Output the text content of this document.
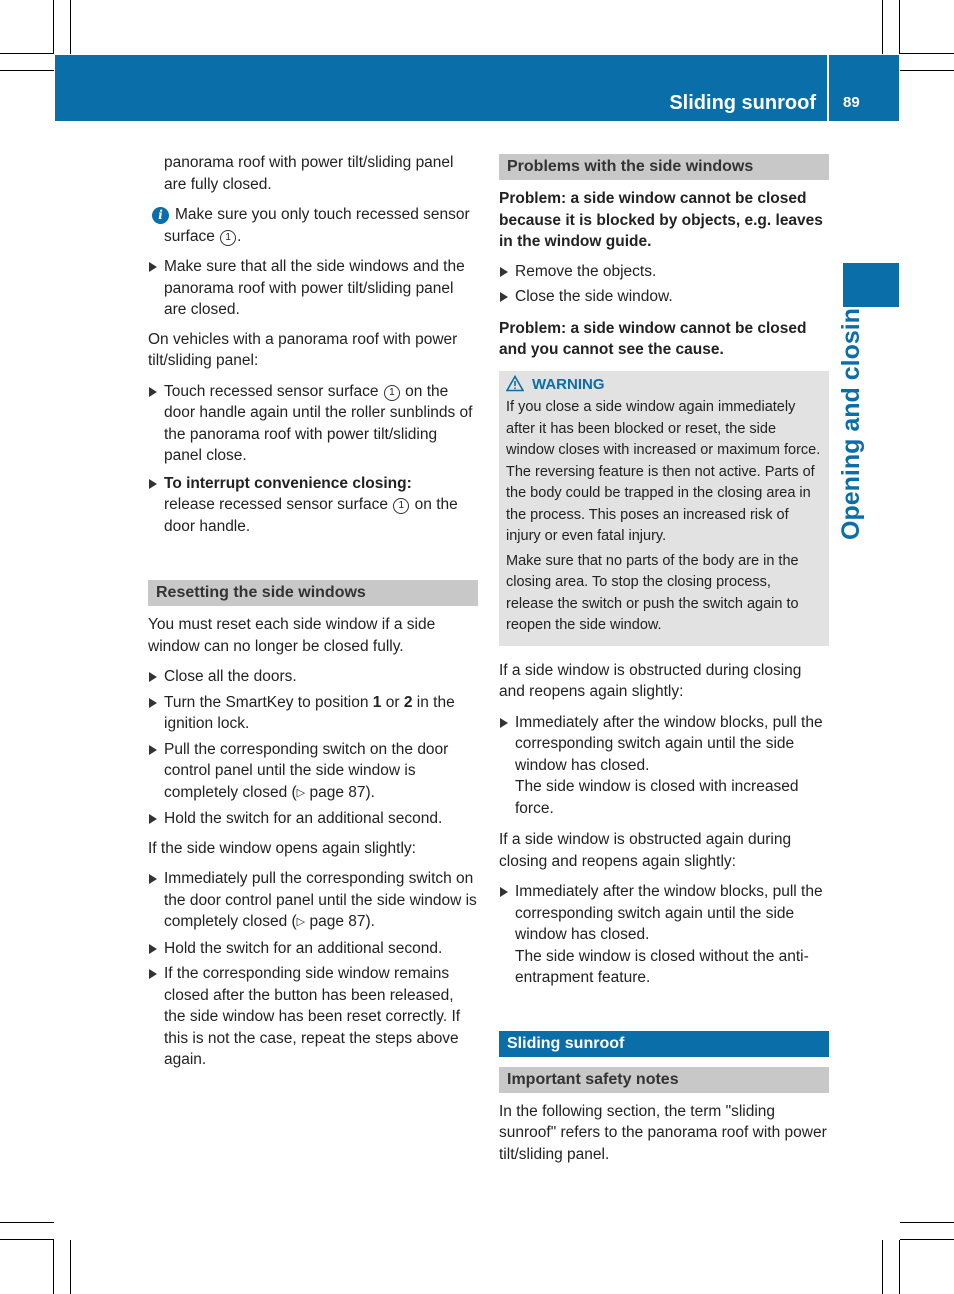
Sliding sunroof 89
Opening and closing

panorama roof with power tilt/sliding panel are fully closed.

i Make sure you only touch recessed sensor surface 1 .
Make sure that all the side windows and the panorama roof with power tilt/sliding panel are closed.

On vehicles with a panorama roof with power tilt/sliding panel:

Touch recessed sensor surface 1 on the door handle again until the roller sunblinds of the panorama roof with power tilt/sliding panel close.
To interrupt convenience closing:
release recessed sensor surface 1 on the door handle.
Resetting the side windows

You must reset each side window if a side window can no longer be closed fully.

Close all the doors.
Turn the SmartKey to position 1 or 2 in the ignition lock.
Pull the corresponding switch on the door control panel until the side window is completely closed (▷ page 87).
Hold the switch for an additional second.

If the side window opens again slightly:

Immediately pull the corresponding switch on the door control panel until the side window is completely closed (▷ page 87).
Hold the switch for an additional second.
If the corresponding side window remains closed after the button has been released, the side window has been reset correctly. If this is not the case, repeat the steps above again.
Problems with the side windows

Problem: a side window cannot be closed because it is blocked by objects, e.g. leaves in the window guide.

Remove the objects.
Close the side window.

Problem: a side window cannot be closed and you cannot see the cause.

WARNING

If you close a side window again immediately after it has been blocked or reset, the side window closes with increased or maximum force. The reversing feature is then not active. Parts of the body could be trapped in the closing area in the process. This poses an increased risk of injury or even fatal injury.

Make sure that no parts of the body are in the closing area. To stop the closing process, release the switch or push the switch again to reopen the side window.

If a side window is obstructed during closing and reopens again slightly:

Immediately after the window blocks, pull the corresponding switch again until the side window has closed.
The side window is closed with increased force.

If a side window is obstructed again during closing and reopens again slightly:

Immediately after the window blocks, pull the corresponding switch again until the side window has closed.
The side window is closed without the anti-entrapment feature.
Sliding sunroof
Important safety notes

In the following section, the term "sliding sunroof" refers to the panorama roof with power tilt/sliding panel.
